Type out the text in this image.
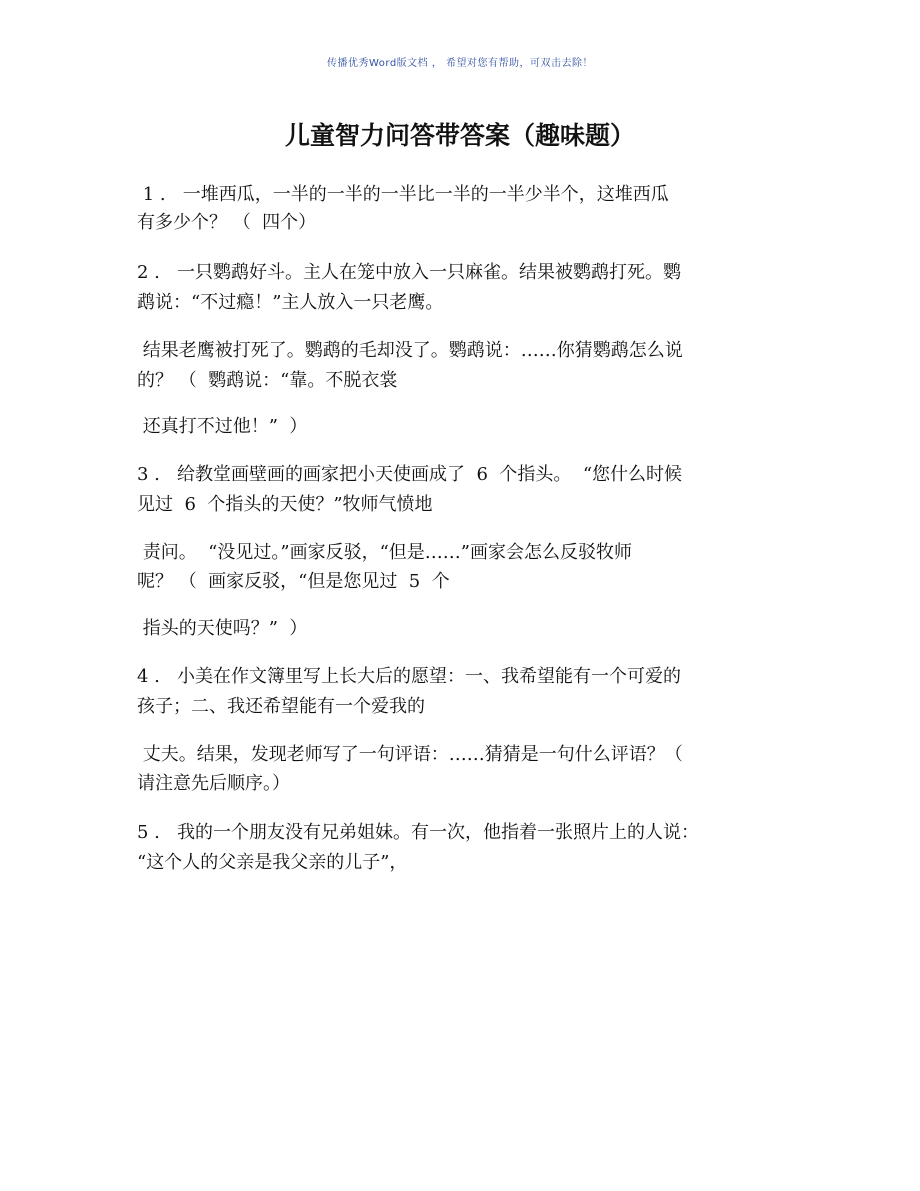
传播优秀Word版文档 ， 希望对您有帮助，可双击去除！
儿童智力问答带答案（趣味题）
1 .   一堆西瓜，一半的一半的一半比一半的一半少半个，这堆西瓜
有多少个？ （  四个）
2 .   一只鹦鹉好斗。主人在笼中放入一只麻雀。结果被鹦鹉打死。鹦
鹉说：“不过瘾！”主人放入一只老鹰。
结果老鹰被打死了。鹦鹉的毛却没了。鹦鹉说：……你猜鹦鹉怎么说
的？ （  鹦鹉说：“靠。不脱衣裳
还真打不过他！”  ）
3 .   给教堂画壁画的画家把小天使画成了  6  个指头。  “您什么时候
见过  6  个指头的天使？”牧师气愤地
责问。  “没见过。”画家反驳，“但是……”画家会怎么反驳牧师
呢？ （  画家反驳，“但是您见过  5  个
指头的天使吗？”  ）
4 .   小美在作文簿里写上长大后的愿望：一、我希望能有一个可爱的
孩子；二、我还希望能有一个爱我的
丈夫。结果，发现老师写了一句评语：……猜猜是一句什么评语？（
请注意先后顺序。）
5 .   我的一个朋友没有兄弟姐妹。有一次，他指着一张照片上的人说：
“这个人的父亲是我父亲的儿子”，
